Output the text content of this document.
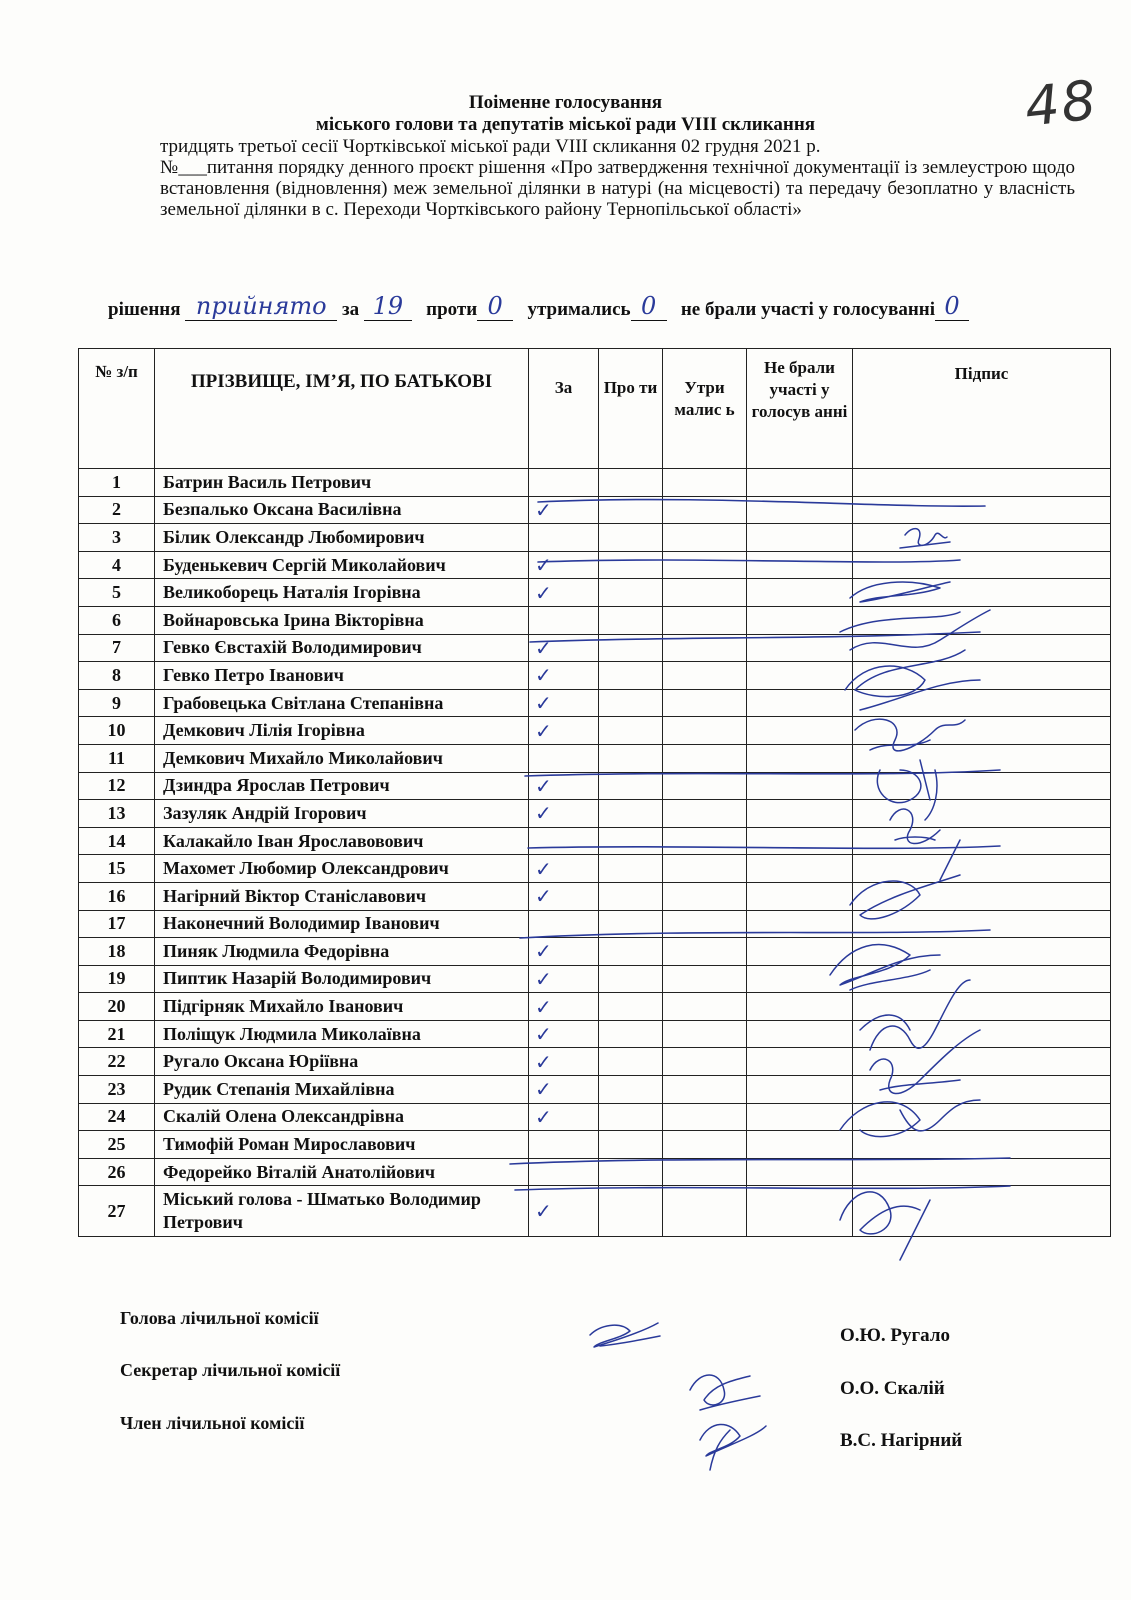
48
Поіменне голосування
міського голови та депутатів міської ради VIII скликання
тридцять третьої сесії Чортківської міської ради VIII скликання 02 грудня 2021 р.
№___питання порядку денного проєкт рішення «Про затвердження технічної документації із землеустрою щодо встановлення (відновлення) меж земельної ділянки в натурі (на місцевості) та передачу безоплатно у власність земельної ділянки в с. Переходи Чортківського району Тернопільської області»
рішення прийнято за 19 проти 0 утримались 0 не брали участі у голосуванні 0
№ з/п	ПРІЗВИЩЕ, ІМ’Я, ПО БАТЬКОВІ	За	Про ти	Утри малис ь	Не брали участі у голосув анні	Підпис
1	Батрин Василь Петрович					
2	Безпалько Оксана Василівна	✓				
3	Білик Олександр Любомирович					
4	Буденькевич Сергій Миколайович	✓				
5	Великоборець Наталія Ігорівна	✓				
6	Войнаровська Ірина Вікторівна					
7	Гевко Євстахій Володимирович	✓				
8	Гевко Петро Іванович	✓				
9	Грабовецька Світлана Степанівна	✓				
10	Демкович Лілія Ігорівна	✓				
11	Демкович Михайло Миколайович					
12	Дзиндра Ярослав Петрович	✓				
13	Зазуляк Андрій Ігорович	✓				
14	Калакайло Іван Ярославовович					
15	Махомет Любомир Олександрович	✓				
16	Нагірний Віктор Станіславович	✓				
17	Наконечний Володимир Іванович					
18	Пиняк Людмила Федорівна	✓				
19	Пиптик Назарій Володимирович	✓				
20	Підгірняк Михайло Іванович	✓				
21	Поліщук Людмила Миколаївна	✓				
22	Ругало Оксана Юріївна	✓				
23	Рудик Степанія Михайлівна	✓				
24	Скалій Олена Олександрівна	✓				
25	Тимофій Роман Мирославович					
26	Федорейко Віталій Анатолійович					
27	Міський голова - Шматько Володимир Петрович	✓				
Голова лічильної комісії
Секретар лічильної комісії
Член лічильної комісії
О.Ю. Ругало
О.О. Скалій
В.С. Нагірний
